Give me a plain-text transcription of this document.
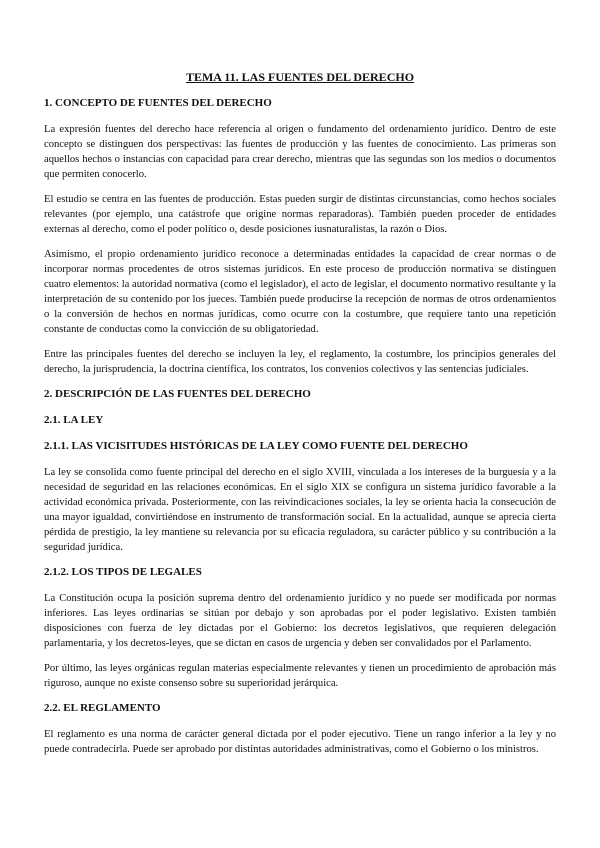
TEMA 11. LAS FUENTES DEL DERECHO
1. CONCEPTO DE FUENTES DEL DERECHO

La expresión fuentes del derecho hace referencia al origen o fundamento del ordenamiento jurídico. Dentro de este concepto se distinguen dos perspectivas: las fuentes de producción y las fuentes de conocimiento. Las primeras son aquellos hechos o instancias con capacidad para crear derecho, mientras que las segundas son los medios o documentos que permiten conocerlo.

El estudio se centra en las fuentes de producción. Estas pueden surgir de distintas circunstancias, como hechos sociales relevantes (por ejemplo, una catástrofe que origine normas reparadoras). También pueden proceder de entidades externas al derecho, como el poder político o, desde posiciones iusnaturalistas, la razón o Dios.

Asimismo, el propio ordenamiento jurídico reconoce a determinadas entidades la capacidad de crear normas o de incorporar normas procedentes de otros sistemas jurídicos. En este proceso de producción normativa se distinguen cuatro elementos: la autoridad normativa (como el legislador), el acto de legislar, el documento normativo resultante y la interpretación de su contenido por los jueces. También puede producirse la recepción de normas de otros ordenamientos o la conversión de hechos en normas jurídicas, como ocurre con la costumbre, que requiere tanto una repetición constante de conductas como la convicción de su obligatoriedad.

Entre las principales fuentes del derecho se incluyen la ley, el reglamento, la costumbre, los principios generales del derecho, la jurisprudencia, la doctrina científica, los contratos, los convenios colectivos y las sentencias judiciales.

2. DESCRIPCIÓN DE LAS FUENTES DEL DERECHO
2.1. LA LEY
2.1.1. LAS VICISITUDES HISTÓRICAS DE LA LEY COMO FUENTE DEL DERECHO

La ley se consolida como fuente principal del derecho en el siglo XVIII, vinculada a los intereses de la burguesía y a la necesidad de seguridad en las relaciones económicas. En el siglo XIX se configura un sistema jurídico favorable a la actividad económica privada. Posteriormente, con las reivindicaciones sociales, la ley se orienta hacia la consecución de una mayor igualdad, convirtiéndose en instrumento de transformación social. En la actualidad, aunque se aprecia cierta pérdida de prestigio, la ley mantiene su relevancia por su eficacia reguladora, su carácter público y su contribución a la seguridad jurídica.

2.1.2. LOS TIPOS DE LEGALES

La Constitución ocupa la posición suprema dentro del ordenamiento jurídico y no puede ser modificada por normas inferiores. Las leyes ordinarias se sitúan por debajo y son aprobadas por el poder legislativo. Existen también disposiciones con fuerza de ley dictadas por el Gobierno: los decretos legislativos, que requieren delegación parlamentaria, y los decretos-leyes, que se dictan en casos de urgencia y deben ser convalidados por el Parlamento.

Por último, las leyes orgánicas regulan materias especialmente relevantes y tienen un procedimiento de aprobación más riguroso, aunque no existe consenso sobre su superioridad jerárquica.

2.2. EL REGLAMENTO

El reglamento es una norma de carácter general dictada por el poder ejecutivo. Tiene un rango inferior a la ley y no puede contradecirla. Puede ser aprobado por distintas autoridades administrativas, como el Gobierno o los ministros.
